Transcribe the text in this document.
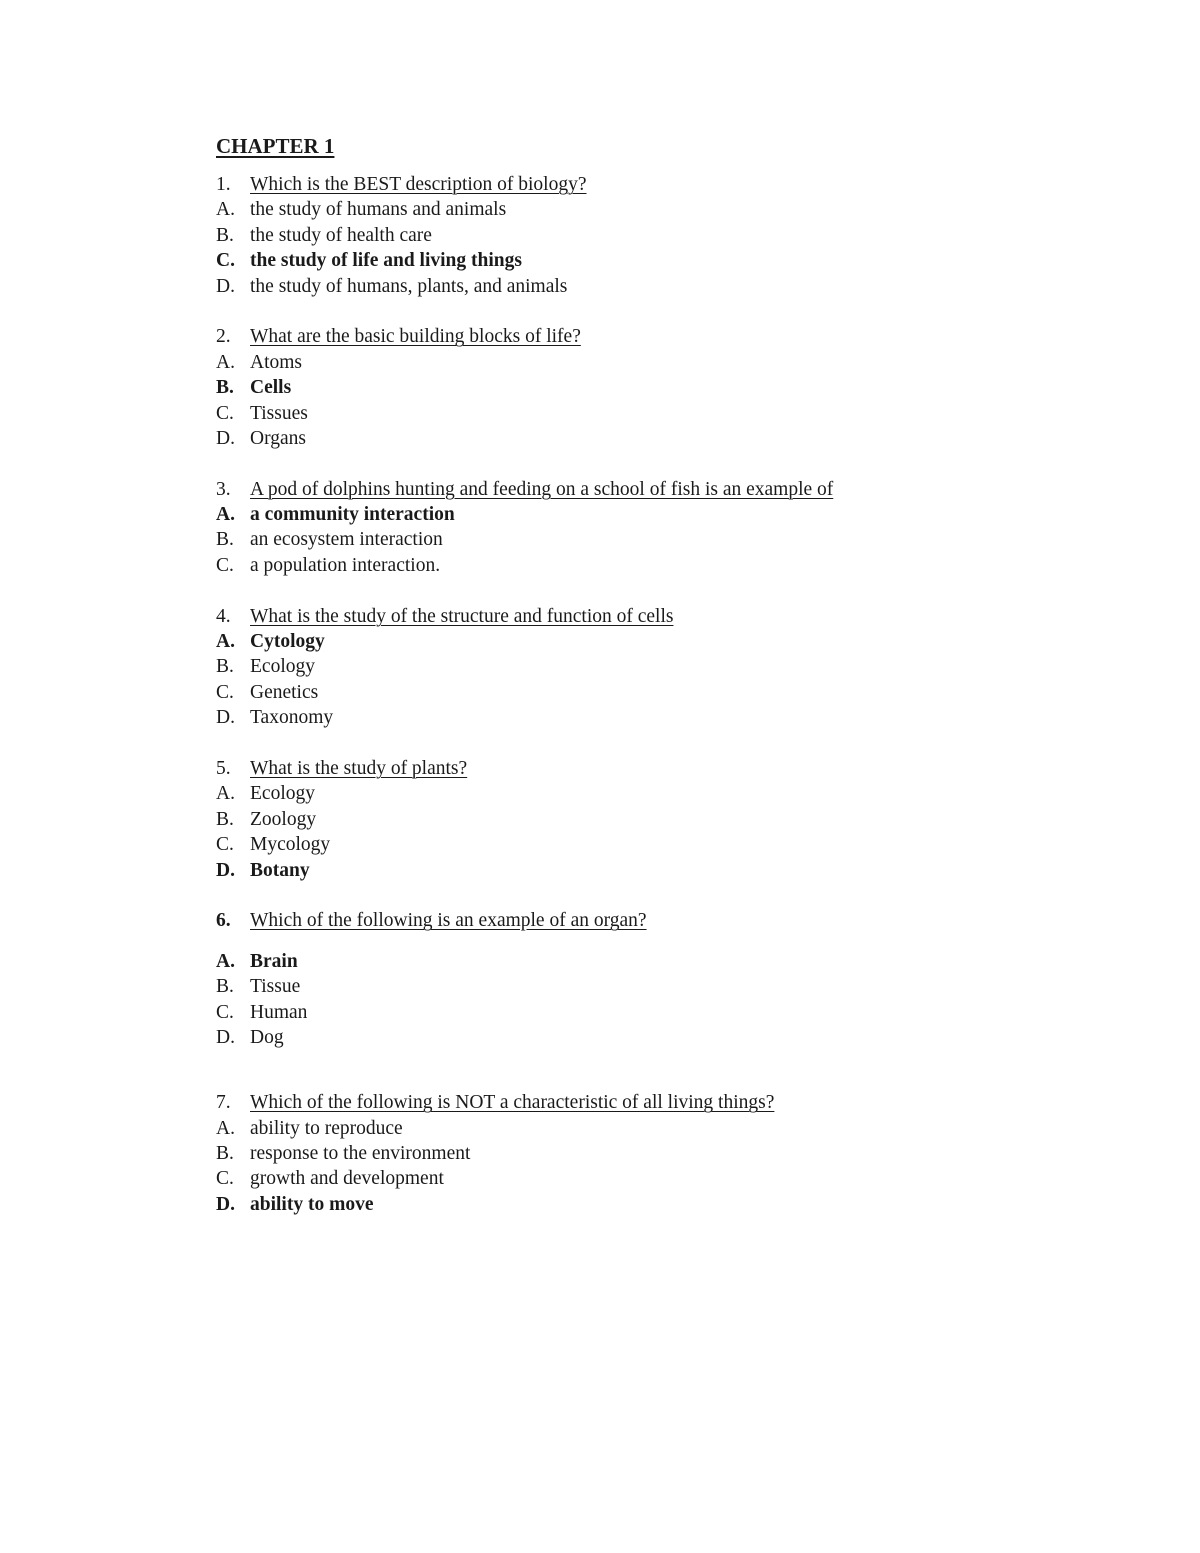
CHAPTER 1
1. Which is the BEST description of biology?
A. the study of humans and animals
B. the study of health care
C. the study of life and living things
D. the study of humans, plants, and animals
2. What are the basic building blocks of life?
A. Atoms
B. Cells
C. Tissues
D. Organs
3. A pod of dolphins hunting and feeding on a school of fish is an example of
A. a community interaction
B. an ecosystem interaction
C. a population interaction.
4. What is the study of the structure and function of cells
A. Cytology
B. Ecology
C. Genetics
D. Taxonomy
5. What is the study of plants?
A. Ecology
B. Zoology
C. Mycology
D. Botany
6. Which of the following is an example of an organ?
A. Brain
B. Tissue
C. Human
D. Dog
7. Which of the following is NOT a characteristic of all living things?
A. ability to reproduce
B. response to the environment
C. growth and development
D. ability to move
